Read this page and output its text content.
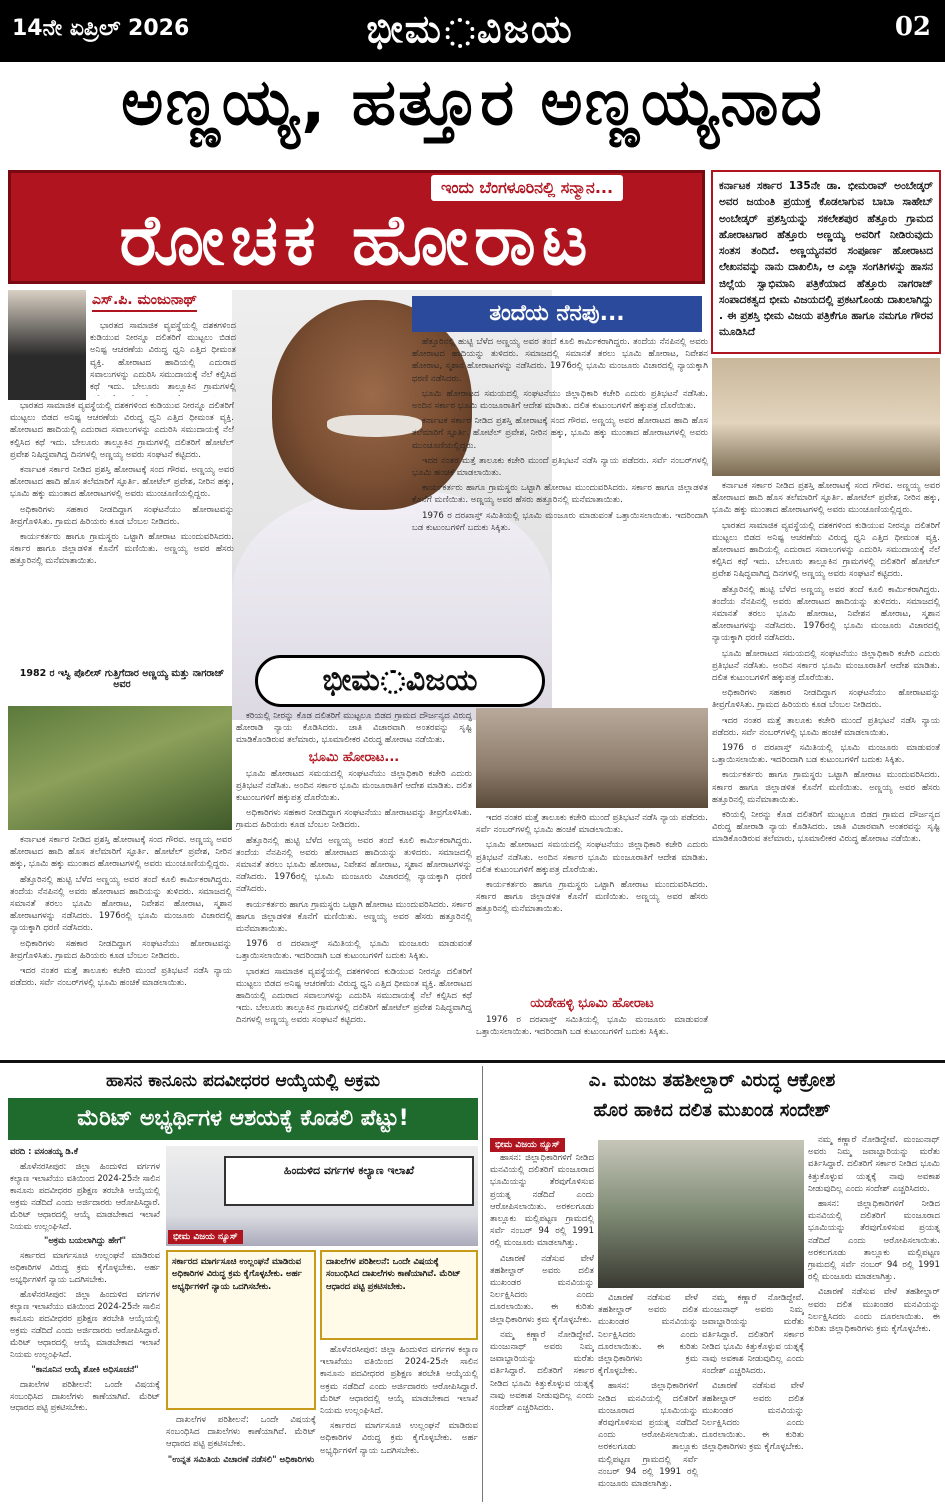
14ನೇ ಏಪ್ರಿಲ್ 2026	ಭೀಮ ವಿಜಯ	02
ಅಣ್ಣಯ್ಯ, ಹತ್ತೂರ ಅಣ್ಣಯ್ಯನಾದ
ಇಂದು ಬೆಂಗಳೂರಿನಲ್ಲಿ ಸನ್ಮಾನ...
ರೋಚಕ ಹೋರಾಟ
ಕರ್ನಾಟಕ ಸರ್ಕಾರ 135ನೇ ಡಾ. ಭೀಮರಾವ್ ಅಂಬೇಡ್ಕರ್ ಅವರ ಜಯಂತಿ ಪ್ರಯುಕ್ತ ಕೊಡಲಾಗುವ ಬಾಬಾ ಸಾಹೇಬ್ ಅಂಬೇಡ್ಕರ್ ಪ್ರಶಸ್ತಿಯನ್ನು ಸಕಲೇಶಪುರ ಹೆತ್ತೂರು ಗ್ರಾಮದ ಹೋರಾಟಗಾರ ಹೆತ್ತೂರು ಅಣ್ಣಯ್ಯ ಅವರಿಗೆ ನೀಡಿರುವುದು ಸಂತಸ ತಂದಿದೆ. ಅಣ್ಣಯ್ಯನವರ ಸಂಪೂರ್ಣ ಹೋರಾಟದ ಲೇಖನವನ್ನು ನಾನು ದಾಖಲಿಸಿ, ಆ ಎಲ್ಲಾ ಸಂಗತಿಗಳನ್ನು ಹಾಸನ ಜಿಲ್ಲೆಯ ಸ್ವಾಭಿಮಾನಿ ಪತ್ರಿಕೆಯಾದ ಹೆತ್ತೂರು ನಾಗರಾಜ್ ಸಂಪಾದಕತ್ವದ ಭೀಮ ವಿಜಯದಲ್ಲಿ ಪ್ರಕಟಗೊಂಡು ದಾಖಲಾಗಿದ್ದು . ಈ ಪ್ರಶಸ್ತಿ ಭೀಮ ವಿಜಯ ಪತ್ರಿಕೆಗೂ ಹಾಗೂ ನಮಗೂ ಗೌರವ ಮೂಡಿಸಿದೆ
ಎಸ್.ಪಿ. ಮಂಜುನಾಥ್
ತಂದೆಯ ನೆನಪು...

ಭಾರತದ ಸಾಮಾಜಿಕ ವ್ಯವಸ್ಥೆಯಲ್ಲಿ ದಶಕಗಳಿಂದ ಕುಡಿಯುವ ನೀರನ್ನೂ ದಲಿತರಿಗೆ ಮುಟ್ಟಲು ಬಿಡದ ಅನಿಷ್ಟ ಆಚರಣೆಯ ವಿರುದ್ಧ ಧ್ವನಿ ಎತ್ತಿದ ಧೀಮಂತ ವ್ಯಕ್ತಿ. ಹೋರಾಟದ ಹಾದಿಯಲ್ಲಿ ಎದುರಾದ ಸವಾಲುಗಳನ್ನು ಎದುರಿಸಿ ಸಮುದಾಯಕ್ಕೆ ನೆಲೆ ಕಲ್ಪಿಸಿದ ಕಥೆ ಇದು. ಬೇಲೂರು ತಾಲ್ಲೂಕಿನ ಗ್ರಾಮಗಳಲ್ಲಿ

ಭಾರತದ ಸಾಮಾಜಿಕ ವ್ಯವಸ್ಥೆಯಲ್ಲಿ ದಶಕಗಳಿಂದ ಕುಡಿಯುವ ನೀರನ್ನೂ ದಲಿತರಿಗೆ ಮುಟ್ಟಲು ಬಿಡದ ಅನಿಷ್ಟ ಆಚರಣೆಯ ವಿರುದ್ಧ ಧ್ವನಿ ಎತ್ತಿದ ಧೀಮಂತ ವ್ಯಕ್ತಿ. ಹೋರಾಟದ ಹಾದಿಯಲ್ಲಿ ಎದುರಾದ ಸವಾಲುಗಳನ್ನು ಎದುರಿಸಿ ಸಮುದಾಯಕ್ಕೆ ನೆಲೆ ಕಲ್ಪಿಸಿದ ಕಥೆ ಇದು. ಬೇಲೂರು ತಾಲ್ಲೂಕಿನ ಗ್ರಾಮಗಳಲ್ಲಿ ದಲಿತರಿಗೆ ಹೋಟೆಲ್ ಪ್ರವೇಶ ನಿಷಿದ್ಧವಾಗಿದ್ದ ದಿನಗಳಲ್ಲಿ ಅಣ್ಣಯ್ಯ ಅವರು ಸಂಘಟನೆ ಕಟ್ಟಿದರು.

ಕರ್ನಾಟಕ ಸರ್ಕಾರ ನೀಡಿದ ಪ್ರಶಸ್ತಿ ಹೋರಾಟಕ್ಕೆ ಸಂದ ಗೌರವ. ಅಣ್ಣಯ್ಯ ಅವರ ಹೋರಾಟದ ಹಾದಿ ಹೊಸ ತಲೆಮಾರಿಗೆ ಸ್ಫೂರ್ತಿ. ಹೋಟೆಲ್ ಪ್ರವೇಶ, ನೀರಿನ ಹಕ್ಕು, ಭೂಮಿ ಹಕ್ಕು ಮುಂತಾದ ಹೋರಾಟಗಳಲ್ಲಿ ಅವರು ಮುಂಚೂಣಿಯಲ್ಲಿದ್ದರು.

ಅಧಿಕಾರಿಗಳು ಸಹಕಾರ ನೀಡದಿದ್ದಾಗ ಸಂಘಟನೆಯು ಹೋರಾಟವನ್ನು ತೀವ್ರಗೊಳಿಸಿತು. ಗ್ರಾಮದ ಹಿರಿಯರು ಕೂಡ ಬೆಂಬಲ ನೀಡಿದರು.

ಕಾರ್ಯಕರ್ತರು ಹಾಗೂ ಗ್ರಾಮಸ್ಥರು ಒಟ್ಟಾಗಿ ಹೋರಾಟ ಮುಂದುವರಿಸಿದರು. ಸರ್ಕಾರ ಹಾಗೂ ಜಿಲ್ಲಾಡಳಿತ ಕೊನೆಗೆ ಮಣಿಯಿತು. ಅಣ್ಣಯ್ಯ ಅವರ ಹೆಸರು ಹತ್ತೂರಿನಲ್ಲಿ ಮನೆಮಾತಾಯಿತು.

1982 ರ ಇಸ್ವಿ ಪೊಲೀಸ್ ಗುತ್ತಿಗೆದಾರ ಅಣ್ಣಯ್ಯ ಮತ್ತು ನಾಗರಾಜ್ ಅವರ

ಹೆತ್ತೂರಿನಲ್ಲಿ ಹುಟ್ಟಿ ಬೆಳೆದ ಅಣ್ಣಯ್ಯ ಅವರ ತಂದೆ ಕೂಲಿ ಕಾರ್ಮಿಕರಾಗಿದ್ದರು. ತಂದೆಯ ನೆನಪಿನಲ್ಲಿ ಅವರು ಹೋರಾಟದ ಹಾದಿಯನ್ನು ತುಳಿದರು. ಸಮಾಜದಲ್ಲಿ ಸಮಾನತೆ ತರಲು ಭೂಮಿ ಹೋರಾಟ, ನಿವೇಶನ ಹೋರಾಟ, ಸ್ಮಶಾನ ಹೋರಾಟಗಳನ್ನು ನಡೆಸಿದರು. 1976ರಲ್ಲಿ ಭೂಮಿ ಮಂಜೂರು ವಿಚಾರದಲ್ಲಿ ನ್ಯಾಯಕ್ಕಾಗಿ ಧರಣಿ ನಡೆಸಿದರು.

ಭೂಮಿ ಹೋರಾಟದ ಸಮಯದಲ್ಲಿ ಸಂಘಟನೆಯು ಜಿಲ್ಲಾಧಿಕಾರಿ ಕಚೇರಿ ಎದುರು ಪ್ರತಿಭಟನೆ ನಡೆಸಿತು. ಅಂದಿನ ಸರ್ಕಾರ ಭೂಮಿ ಮಂಜೂರಾತಿಗೆ ಆದೇಶ ಮಾಡಿತು. ದಲಿತ ಕುಟುಂಬಗಳಿಗೆ ಹಕ್ಕುಪತ್ರ ದೊರೆಯಿತು.

ಕರ್ನಾಟಕ ಸರ್ಕಾರ ನೀಡಿದ ಪ್ರಶಸ್ತಿ ಹೋರಾಟಕ್ಕೆ ಸಂದ ಗೌರವ. ಅಣ್ಣಯ್ಯ ಅವರ ಹೋರಾಟದ ಹಾದಿ ಹೊಸ ತಲೆಮಾರಿಗೆ ಸ್ಫೂರ್ತಿ. ಹೋಟೆಲ್ ಪ್ರವೇಶ, ನೀರಿನ ಹಕ್ಕು, ಭೂಮಿ ಹಕ್ಕು ಮುಂತಾದ ಹೋರಾಟಗಳಲ್ಲಿ ಅವರು ಮುಂಚೂಣಿಯಲ್ಲಿದ್ದರು.

ಇದರ ನಂತರ ಮತ್ತೆ ತಾಲೂಕು ಕಚೇರಿ ಮುಂದೆ ಪ್ರತಿಭಟನೆ ನಡೆಸಿ ನ್ಯಾಯ ಪಡೆದರು. ಸರ್ವೆ ನಂಬರ್‌ಗಳಲ್ಲಿ ಭೂಮಿ ಹಂಚಿಕೆ ಮಾಡಲಾಯಿತು.

ಕಾರ್ಯಕರ್ತರು ಹಾಗೂ ಗ್ರಾಮಸ್ಥರು ಒಟ್ಟಾಗಿ ಹೋರಾಟ ಮುಂದುವರಿಸಿದರು. ಸರ್ಕಾರ ಹಾಗೂ ಜಿಲ್ಲಾಡಳಿತ ಕೊನೆಗೆ ಮಣಿಯಿತು. ಅಣ್ಣಯ್ಯ ಅವರ ಹೆಸರು ಹತ್ತೂರಿನಲ್ಲಿ ಮನೆಮಾತಾಯಿತು.

1976 ರ ದರಖಾಸ್ತ್ ಸಮಿತಿಯಲ್ಲಿ ಭೂಮಿ ಮಂಜೂರು ಮಾಡುವಂತೆ ಒತ್ತಾಯಿಸಲಾಯಿತು. ಇದರಿಂದಾಗಿ ಬಡ ಕುಟುಂಬಗಳಿಗೆ ಬದುಕು ಸಿಕ್ಕಿತು.

ಭೀಮ ವಿಜಯ

ಕರ್ನಾಟಕ ಸರ್ಕಾರ ನೀಡಿದ ಪ್ರಶಸ್ತಿ ಹೋರಾಟಕ್ಕೆ ಸಂದ ಗೌರವ. ಅಣ್ಣಯ್ಯ ಅವರ ಹೋರಾಟದ ಹಾದಿ ಹೊಸ ತಲೆಮಾರಿಗೆ ಸ್ಫೂರ್ತಿ. ಹೋಟೆಲ್ ಪ್ರವೇಶ, ನೀರಿನ ಹಕ್ಕು, ಭೂಮಿ ಹಕ್ಕು ಮುಂತಾದ ಹೋರಾಟಗಳಲ್ಲಿ ಅವರು ಮುಂಚೂಣಿಯಲ್ಲಿದ್ದರು.

ಭಾರತದ ಸಾಮಾಜಿಕ ವ್ಯವಸ್ಥೆಯಲ್ಲಿ ದಶಕಗಳಿಂದ ಕುಡಿಯುವ ನೀರನ್ನೂ ದಲಿತರಿಗೆ ಮುಟ್ಟಲು ಬಿಡದ ಅನಿಷ್ಟ ಆಚರಣೆಯ ವಿರುದ್ಧ ಧ್ವನಿ ಎತ್ತಿದ ಧೀಮಂತ ವ್ಯಕ್ತಿ. ಹೋರಾಟದ ಹಾದಿಯಲ್ಲಿ ಎದುರಾದ ಸವಾಲುಗಳನ್ನು ಎದುರಿಸಿ ಸಮುದಾಯಕ್ಕೆ ನೆಲೆ ಕಲ್ಪಿಸಿದ ಕಥೆ ಇದು. ಬೇಲೂರು ತಾಲ್ಲೂಕಿನ ಗ್ರಾಮಗಳಲ್ಲಿ ದಲಿತರಿಗೆ ಹೋಟೆಲ್ ಪ್ರವೇಶ ನಿಷಿದ್ಧವಾಗಿದ್ದ ದಿನಗಳಲ್ಲಿ ಅಣ್ಣಯ್ಯ ಅವರು ಸಂಘಟನೆ ಕಟ್ಟಿದರು.

ಹೆತ್ತೂರಿನಲ್ಲಿ ಹುಟ್ಟಿ ಬೆಳೆದ ಅಣ್ಣಯ್ಯ ಅವರ ತಂದೆ ಕೂಲಿ ಕಾರ್ಮಿಕರಾಗಿದ್ದರು. ತಂದೆಯ ನೆನಪಿನಲ್ಲಿ ಅವರು ಹೋರಾಟದ ಹಾದಿಯನ್ನು ತುಳಿದರು. ಸಮಾಜದಲ್ಲಿ ಸಮಾನತೆ ತರಲು ಭೂಮಿ ಹೋರಾಟ, ನಿವೇಶನ ಹೋರಾಟ, ಸ್ಮಶಾನ ಹೋರಾಟಗಳನ್ನು ನಡೆಸಿದರು. 1976ರಲ್ಲಿ ಭೂಮಿ ಮಂಜೂರು ವಿಚಾರದಲ್ಲಿ ನ್ಯಾಯಕ್ಕಾಗಿ ಧರಣಿ ನಡೆಸಿದರು.

ಭೂಮಿ ಹೋರಾಟದ ಸಮಯದಲ್ಲಿ ಸಂಘಟನೆಯು ಜಿಲ್ಲಾಧಿಕಾರಿ ಕಚೇರಿ ಎದುರು ಪ್ರತಿಭಟನೆ ನಡೆಸಿತು. ಅಂದಿನ ಸರ್ಕಾರ ಭೂಮಿ ಮಂಜೂರಾತಿಗೆ ಆದೇಶ ಮಾಡಿತು. ದಲಿತ ಕುಟುಂಬಗಳಿಗೆ ಹಕ್ಕುಪತ್ರ ದೊರೆಯಿತು.

ಅಧಿಕಾರಿಗಳು ಸಹಕಾರ ನೀಡದಿದ್ದಾಗ ಸಂಘಟನೆಯು ಹೋರಾಟವನ್ನು ತೀವ್ರಗೊಳಿಸಿತು. ಗ್ರಾಮದ ಹಿರಿಯರು ಕೂಡ ಬೆಂಬಲ ನೀಡಿದರು.

ಇದರ ನಂತರ ಮತ್ತೆ ತಾಲೂಕು ಕಚೇರಿ ಮುಂದೆ ಪ್ರತಿಭಟನೆ ನಡೆಸಿ ನ್ಯಾಯ ಪಡೆದರು. ಸರ್ವೆ ನಂಬರ್‌ಗಳಲ್ಲಿ ಭೂಮಿ ಹಂಚಿಕೆ ಮಾಡಲಾಯಿತು.

1976 ರ ದರಖಾಸ್ತ್ ಸಮಿತಿಯಲ್ಲಿ ಭೂಮಿ ಮಂಜೂರು ಮಾಡುವಂತೆ ಒತ್ತಾಯಿಸಲಾಯಿತು. ಇದರಿಂದಾಗಿ ಬಡ ಕುಟುಂಬಗಳಿಗೆ ಬದುಕು ಸಿಕ್ಕಿತು.

ಕಾರ್ಯಕರ್ತರು ಹಾಗೂ ಗ್ರಾಮಸ್ಥರು ಒಟ್ಟಾಗಿ ಹೋರಾಟ ಮುಂದುವರಿಸಿದರು. ಸರ್ಕಾರ ಹಾಗೂ ಜಿಲ್ಲಾಡಳಿತ ಕೊನೆಗೆ ಮಣಿಯಿತು. ಅಣ್ಣಯ್ಯ ಅವರ ಹೆಸರು ಹತ್ತೂರಿನಲ್ಲಿ ಮನೆಮಾತಾಯಿತು.

ಕರಿಯಲ್ಲಿ ನೀರನ್ನು ಕೊಡ ದಲಿತರಿಗೆ ಮುಟ್ಟಲೂ ಬಿಡದ ಗ್ರಾಮದ ದೌರ್ಜನ್ಯದ ವಿರುದ್ಧ ಹೋರಾಡಿ ನ್ಯಾಯ ಕೊಡಿಸಿದರು. ಜಾತಿ ವಿಚಾರವಾಗಿ ಅಂತರವನ್ನು ಸೃಷ್ಟಿ ಮಾಡಿಕೊಂಡಿರುವ ತಲೆಮಾರು, ಭೂಮಾಲೀಕರ ವಿರುದ್ಧ ಹೋರಾಟ ನಡೆಯಿತು.

ಕರಿಯಲ್ಲಿ ನೀರನ್ನು ಕೊಡ ದಲಿತರಿಗೆ ಮುಟ್ಟಲೂ ಬಿಡದ ಗ್ರಾಮದ ದೌರ್ಜನ್ಯದ ವಿರುದ್ಧ ಹೋರಾಡಿ ನ್ಯಾಯ ಕೊಡಿಸಿದರು. ಜಾತಿ ವಿಚಾರವಾಗಿ ಅಂತರವನ್ನು ಸೃಷ್ಟಿ ಮಾಡಿಕೊಂಡಿರುವ ತಲೆಮಾರು, ಭೂಮಾಲೀಕರ ವಿರುದ್ಧ ಹೋರಾಟ ನಡೆಯಿತು.

ಭೂಮಿ ಹೋರಾಟ...

ಭೂಮಿ ಹೋರಾಟದ ಸಮಯದಲ್ಲಿ ಸಂಘಟನೆಯು ಜಿಲ್ಲಾಧಿಕಾರಿ ಕಚೇರಿ ಎದುರು ಪ್ರತಿಭಟನೆ ನಡೆಸಿತು. ಅಂದಿನ ಸರ್ಕಾರ ಭೂಮಿ ಮಂಜೂರಾತಿಗೆ ಆದೇಶ ಮಾಡಿತು. ದಲಿತ ಕುಟುಂಬಗಳಿಗೆ ಹಕ್ಕುಪತ್ರ ದೊರೆಯಿತು.

ಅಧಿಕಾರಿಗಳು ಸಹಕಾರ ನೀಡದಿದ್ದಾಗ ಸಂಘಟನೆಯು ಹೋರಾಟವನ್ನು ತೀವ್ರಗೊಳಿಸಿತು. ಗ್ರಾಮದ ಹಿರಿಯರು ಕೂಡ ಬೆಂಬಲ ನೀಡಿದರು.

ಹೆತ್ತೂರಿನಲ್ಲಿ ಹುಟ್ಟಿ ಬೆಳೆದ ಅಣ್ಣಯ್ಯ ಅವರ ತಂದೆ ಕೂಲಿ ಕಾರ್ಮಿಕರಾಗಿದ್ದರು. ತಂದೆಯ ನೆನಪಿನಲ್ಲಿ ಅವರು ಹೋರಾಟದ ಹಾದಿಯನ್ನು ತುಳಿದರು. ಸಮಾಜದಲ್ಲಿ ಸಮಾನತೆ ತರಲು ಭೂಮಿ ಹೋರಾಟ, ನಿವೇಶನ ಹೋರಾಟ, ಸ್ಮಶಾನ ಹೋರಾಟಗಳನ್ನು ನಡೆಸಿದರು. 1976ರಲ್ಲಿ ಭೂಮಿ ಮಂಜೂರು ವಿಚಾರದಲ್ಲಿ ನ್ಯಾಯಕ್ಕಾಗಿ ಧರಣಿ ನಡೆಸಿದರು.

ಕಾರ್ಯಕರ್ತರು ಹಾಗೂ ಗ್ರಾಮಸ್ಥರು ಒಟ್ಟಾಗಿ ಹೋರಾಟ ಮುಂದುವರಿಸಿದರು. ಸರ್ಕಾರ ಹಾಗೂ ಜಿಲ್ಲಾಡಳಿತ ಕೊನೆಗೆ ಮಣಿಯಿತು. ಅಣ್ಣಯ್ಯ ಅವರ ಹೆಸರು ಹತ್ತೂರಿನಲ್ಲಿ ಮನೆಮಾತಾಯಿತು.

1976 ರ ದರಖಾಸ್ತ್ ಸಮಿತಿಯಲ್ಲಿ ಭೂಮಿ ಮಂಜೂರು ಮಾಡುವಂತೆ ಒತ್ತಾಯಿಸಲಾಯಿತು. ಇದರಿಂದಾಗಿ ಬಡ ಕುಟುಂಬಗಳಿಗೆ ಬದುಕು ಸಿಕ್ಕಿತು.

ಭಾರತದ ಸಾಮಾಜಿಕ ವ್ಯವಸ್ಥೆಯಲ್ಲಿ ದಶಕಗಳಿಂದ ಕುಡಿಯುವ ನೀರನ್ನೂ ದಲಿತರಿಗೆ ಮುಟ್ಟಲು ಬಿಡದ ಅನಿಷ್ಟ ಆಚರಣೆಯ ವಿರುದ್ಧ ಧ್ವನಿ ಎತ್ತಿದ ಧೀಮಂತ ವ್ಯಕ್ತಿ. ಹೋರಾಟದ ಹಾದಿಯಲ್ಲಿ ಎದುರಾದ ಸವಾಲುಗಳನ್ನು ಎದುರಿಸಿ ಸಮುದಾಯಕ್ಕೆ ನೆಲೆ ಕಲ್ಪಿಸಿದ ಕಥೆ ಇದು. ಬೇಲೂರು ತಾಲ್ಲೂಕಿನ ಗ್ರಾಮಗಳಲ್ಲಿ ದಲಿತರಿಗೆ ಹೋಟೆಲ್ ಪ್ರವೇಶ ನಿಷಿದ್ಧವಾಗಿದ್ದ ದಿನಗಳಲ್ಲಿ ಅಣ್ಣಯ್ಯ ಅವರು ಸಂಘಟನೆ ಕಟ್ಟಿದರು.

ಕರ್ನಾಟಕ ಸರ್ಕಾರ ನೀಡಿದ ಪ್ರಶಸ್ತಿ ಹೋರಾಟಕ್ಕೆ ಸಂದ ಗೌರವ. ಅಣ್ಣಯ್ಯ ಅವರ ಹೋರಾಟದ ಹಾದಿ ಹೊಸ ತಲೆಮಾರಿಗೆ ಸ್ಫೂರ್ತಿ. ಹೋಟೆಲ್ ಪ್ರವೇಶ, ನೀರಿನ ಹಕ್ಕು, ಭೂಮಿ ಹಕ್ಕು ಮುಂತಾದ ಹೋರಾಟಗಳಲ್ಲಿ ಅವರು ಮುಂಚೂಣಿಯಲ್ಲಿದ್ದರು.

ಹೆತ್ತೂರಿನಲ್ಲಿ ಹುಟ್ಟಿ ಬೆಳೆದ ಅಣ್ಣಯ್ಯ ಅವರ ತಂದೆ ಕೂಲಿ ಕಾರ್ಮಿಕರಾಗಿದ್ದರು. ತಂದೆಯ ನೆನಪಿನಲ್ಲಿ ಅವರು ಹೋರಾಟದ ಹಾದಿಯನ್ನು ತುಳಿದರು. ಸಮಾಜದಲ್ಲಿ ಸಮಾನತೆ ತರಲು ಭೂಮಿ ಹೋರಾಟ, ನಿವೇಶನ ಹೋರಾಟ, ಸ್ಮಶಾನ ಹೋರಾಟಗಳನ್ನು ನಡೆಸಿದರು. 1976ರಲ್ಲಿ ಭೂಮಿ ಮಂಜೂರು ವಿಚಾರದಲ್ಲಿ ನ್ಯಾಯಕ್ಕಾಗಿ ಧರಣಿ ನಡೆಸಿದರು.

ಅಧಿಕಾರಿಗಳು ಸಹಕಾರ ನೀಡದಿದ್ದಾಗ ಸಂಘಟನೆಯು ಹೋರಾಟವನ್ನು ತೀವ್ರಗೊಳಿಸಿತು. ಗ್ರಾಮದ ಹಿರಿಯರು ಕೂಡ ಬೆಂಬಲ ನೀಡಿದರು.

ಇದರ ನಂತರ ಮತ್ತೆ ತಾಲೂಕು ಕಚೇರಿ ಮುಂದೆ ಪ್ರತಿಭಟನೆ ನಡೆಸಿ ನ್ಯಾಯ ಪಡೆದರು. ಸರ್ವೆ ನಂಬರ್‌ಗಳಲ್ಲಿ ಭೂಮಿ ಹಂಚಿಕೆ ಮಾಡಲಾಯಿತು.

ಇದರ ನಂತರ ಮತ್ತೆ ತಾಲೂಕು ಕಚೇರಿ ಮುಂದೆ ಪ್ರತಿಭಟನೆ ನಡೆಸಿ ನ್ಯಾಯ ಪಡೆದರು. ಸರ್ವೆ ನಂಬರ್‌ಗಳಲ್ಲಿ ಭೂಮಿ ಹಂಚಿಕೆ ಮಾಡಲಾಯಿತು.

ಭೂಮಿ ಹೋರಾಟದ ಸಮಯದಲ್ಲಿ ಸಂಘಟನೆಯು ಜಿಲ್ಲಾಧಿಕಾರಿ ಕಚೇರಿ ಎದುರು ಪ್ರತಿಭಟನೆ ನಡೆಸಿತು. ಅಂದಿನ ಸರ್ಕಾರ ಭೂಮಿ ಮಂಜೂರಾತಿಗೆ ಆದೇಶ ಮಾಡಿತು. ದಲಿತ ಕುಟುಂಬಗಳಿಗೆ ಹಕ್ಕುಪತ್ರ ದೊರೆಯಿತು.

ಕಾರ್ಯಕರ್ತರು ಹಾಗೂ ಗ್ರಾಮಸ್ಥರು ಒಟ್ಟಾಗಿ ಹೋರಾಟ ಮುಂದುವರಿಸಿದರು. ಸರ್ಕಾರ ಹಾಗೂ ಜಿಲ್ಲಾಡಳಿತ ಕೊನೆಗೆ ಮಣಿಯಿತು. ಅಣ್ಣಯ್ಯ ಅವರ ಹೆಸರು ಹತ್ತೂರಿನಲ್ಲಿ ಮನೆಮಾತಾಯಿತು.

ಯಡೇಹಳ್ಳಿ ಭೂಮಿ ಹೋರಾಟ

1976 ರ ದರಖಾಸ್ತ್ ಸಮಿತಿಯಲ್ಲಿ ಭೂಮಿ ಮಂಜೂರು ಮಾಡುವಂತೆ ಒತ್ತಾಯಿಸಲಾಯಿತು. ಇದರಿಂದಾಗಿ ಬಡ ಕುಟುಂಬಗಳಿಗೆ ಬದುಕು ಸಿಕ್ಕಿತು.

ಹಾಸನ ಕಾನೂನು ಪದವೀಧರರ ಆಯ್ಕೆಯಲ್ಲಿ ಅಕ್ರಮ
ಮೆರಿಟ್ ಅಭ್ಯರ್ಥಿಗಳ ಆಶಯಕ್ಕೆ ಕೊಡಲಿ ಪೆಟ್ಟು!

ವರದಿ : ವಸಂತಯ್ಯ ಡಿ.ಕೆ

ಹೊಳೆನರಸೀಪುರ: ಜಿಲ್ಲಾ ಹಿಂದುಳಿದ ವರ್ಗಗಳ ಕಲ್ಯಾಣ ಇಲಾಖೆಯು ವತಿಯಿಂದ 2024-25ನೇ ಸಾಲಿನ ಕಾನೂನು ಪದವೀಧರರ ಪ್ರಶಿಕ್ಷಣ ತರಬೇತಿ ಆಯ್ಕೆಯಲ್ಲಿ ಅಕ್ರಮ ನಡೆದಿದೆ ಎಂದು ಅರ್ಜಿದಾರರು ಆರೋಪಿಸಿದ್ದಾರೆ. ಮೆರಿಟ್ ಆಧಾರದಲ್ಲಿ ಆಯ್ಕೆ ಮಾಡಬೇಕಾದ ಇಲಾಖೆ ನಿಯಮ ಉಲ್ಲಂಘಿಸಿದೆ.

"ಅಕ್ರಮ ಬಯಲಾಗಿದ್ದು ಹೇಗೆ"

ಸರ್ಕಾರದ ಮಾರ್ಗಸೂಚಿ ಉಲ್ಲಂಘನೆ ಮಾಡಿರುವ ಅಧಿಕಾರಿಗಳ ವಿರುದ್ಧ ಕ್ರಮ ಕೈಗೊಳ್ಳಬೇಕು. ಅರ್ಹ ಅಭ್ಯರ್ಥಿಗಳಿಗೆ ನ್ಯಾಯ ಒದಗಿಸಬೇಕು.

ಹೊಳೆನರಸೀಪುರ: ಜಿಲ್ಲಾ ಹಿಂದುಳಿದ ವರ್ಗಗಳ ಕಲ್ಯಾಣ ಇಲಾಖೆಯು ವತಿಯಿಂದ 2024-25ನೇ ಸಾಲಿನ ಕಾನೂನು ಪದವೀಧರರ ಪ್ರಶಿಕ್ಷಣ ತರಬೇತಿ ಆಯ್ಕೆಯಲ್ಲಿ ಅಕ್ರಮ ನಡೆದಿದೆ ಎಂದು ಅರ್ಜಿದಾರರು ಆರೋಪಿಸಿದ್ದಾರೆ. ಮೆರಿಟ್ ಆಧಾರದಲ್ಲಿ ಆಯ್ಕೆ ಮಾಡಬೇಕಾದ ಇಲಾಖೆ ನಿಯಮ ಉಲ್ಲಂಘಿಸಿದೆ.

"ಕಾನೂನಿನ ಆಯ್ಕೆ ಶೋಕಿ ಅಧಿಸೂಚನೆ"

ದಾಖಲೆಗಳ ಪರಿಶೀಲನೆ: ಒಂದೇ ವಿಷಯಕ್ಕೆ ಸಂಬಂಧಿಸಿದ ದಾಖಲೆಗಳು ಕಾಣೆಯಾಗಿವೆ. ಮೆರಿಟ್ ಆಧಾರದ ಪಟ್ಟಿ ಪ್ರಕಟಿಸಬೇಕು.

ಹಿಂದುಳಿದ ವರ್ಗಗಳ ಕಲ್ಯಾಣ ಇಲಾಖೆ
ಭೀಮ ವಿಜಯ ನ್ಯೂಸ್
ಸರ್ಕಾರದ ಮಾರ್ಗಸೂಚಿ ಉಲ್ಲಂಘನೆ ಮಾಡಿರುವ ಅಧಿಕಾರಿಗಳ ವಿರುದ್ಧ ಕ್ರಮ ಕೈಗೊಳ್ಳಬೇಕು. ಅರ್ಹ ಅಭ್ಯರ್ಥಿಗಳಿಗೆ ನ್ಯಾಯ ಒದಗಿಸಬೇಕು.
ದಾಖಲೆಗಳ ಪರಿಶೀಲನೆ: ಒಂದೇ ವಿಷಯಕ್ಕೆ ಸಂಬಂಧಿಸಿದ ದಾಖಲೆಗಳು ಕಾಣೆಯಾಗಿವೆ. ಮೆರಿಟ್ ಆಧಾರದ ಪಟ್ಟಿ ಪ್ರಕಟಿಸಬೇಕು.

ಹೊಳೆನರಸೀಪುರ: ಜಿಲ್ಲಾ ಹಿಂದುಳಿದ ವರ್ಗಗಳ ಕಲ್ಯಾಣ ಇಲಾಖೆಯು ವತಿಯಿಂದ 2024-25ನೇ ಸಾಲಿನ ಕಾನೂನು ಪದವೀಧರರ ಪ್ರಶಿಕ್ಷಣ ತರಬೇತಿ ಆಯ್ಕೆಯಲ್ಲಿ ಅಕ್ರಮ ನಡೆದಿದೆ ಎಂದು ಅರ್ಜಿದಾರರು ಆರೋಪಿಸಿದ್ದಾರೆ. ಮೆರಿಟ್ ಆಧಾರದಲ್ಲಿ ಆಯ್ಕೆ ಮಾಡಬೇಕಾದ ಇಲಾಖೆ ನಿಯಮ ಉಲ್ಲಂಘಿಸಿದೆ.

ಸರ್ಕಾರದ ಮಾರ್ಗಸೂಚಿ ಉಲ್ಲಂಘನೆ ಮಾಡಿರುವ ಅಧಿಕಾರಿಗಳ ವಿರುದ್ಧ ಕ್ರಮ ಕೈಗೊಳ್ಳಬೇಕು. ಅರ್ಹ ಅಭ್ಯರ್ಥಿಗಳಿಗೆ ನ್ಯಾಯ ಒದಗಿಸಬೇಕು.

ದಾಖಲೆಗಳ ಪರಿಶೀಲನೆ: ಒಂದೇ ವಿಷಯಕ್ಕೆ ಸಂಬಂಧಿಸಿದ ದಾಖಲೆಗಳು ಕಾಣೆಯಾಗಿವೆ. ಮೆರಿಟ್ ಆಧಾರದ ಪಟ್ಟಿ ಪ್ರಕಟಿಸಬೇಕು.

"ಉನ್ನತ ಸಮಿತಿಯ ವಿಚಾರಣೆ ನಡೆಸಲಿ" ಅಧಿಕಾರಿಗಳು

ಎ. ಮಂಜು ತಹಶೀಲ್ದಾರ್ ವಿರುದ್ಧ ಆಕ್ರೋಶ
ಹೊರ ಹಾಕಿದ ದಲಿತ ಮುಖಂಡ ಸಂದೇಶ್
ಭೀಮ ವಿಜಯ ನ್ಯೂಸ್

ಹಾಸನ: ಜಿಲ್ಲಾಧಿಕಾರಿಗಳಿಗೆ ನೀಡಿದ ಮನವಿಯಲ್ಲಿ ದಲಿತರಿಗೆ ಮಂಜೂರಾದ ಭೂಮಿಯನ್ನು ತೆರವುಗೊಳಿಸುವ ಪ್ರಯತ್ನ ನಡೆದಿದೆ ಎಂದು ಆರೋಪಿಸಲಾಯಿತು. ಅರಕಲಗೂಡು ತಾಲ್ಲೂಕು ಮಲ್ಲಿಪಟ್ಟಣ ಗ್ರಾಮದಲ್ಲಿ ಸರ್ವೆ ನಂಬರ್ 94 ರಲ್ಲಿ 1991 ರಲ್ಲಿ ಮಂಜೂರು ಮಾಡಲಾಗಿತ್ತು.

ವಿಚಾರಣೆ ನಡೆಸುವ ವೇಳೆ ತಹಶೀಲ್ದಾರ್ ಅವರು ದಲಿತ ಮುಖಂಡರ ಮನವಿಯನ್ನು ನಿರ್ಲಕ್ಷಿಸಿದರು ಎಂದು ದೂರಲಾಯಿತು. ಈ ಕುರಿತು ಜಿಲ್ಲಾಧಿಕಾರಿಗಳು ಕ್ರಮ ಕೈಗೊಳ್ಳಬೇಕು.

ನಮ್ಮ ಕಣ್ಣಾರೆ ನೋಡಿದ್ದೇವೆ. ಮಂಜುನಾಥ್ ಅವರು ನಿಮ್ಮ ಜವಾಬ್ದಾರಿಯನ್ನು ಮರೆತು ವರ್ತಿಸಿದ್ದಾರೆ. ದಲಿತರಿಗೆ ಸರ್ಕಾರ ನೀಡಿದ ಭೂಮಿ ಕಿತ್ತುಕೊಳ್ಳುವ ಯತ್ನಕ್ಕೆ ನಾವು ಅವಕಾಶ ನೀಡುವುದಿಲ್ಲ ಎಂದು ಸಂದೇಶ್ ಎಚ್ಚರಿಸಿದರು.

ವಿಚಾರಣೆ ನಡೆಸುವ ವೇಳೆ ತಹಶೀಲ್ದಾರ್ ಅವರು ದಲಿತ ಮುಖಂಡರ ಮನವಿಯನ್ನು ನಿರ್ಲಕ್ಷಿಸಿದರು ಎಂದು ದೂರಲಾಯಿತು. ಈ ಕುರಿತು ಜಿಲ್ಲಾಧಿಕಾರಿಗಳು ಕ್ರಮ ಕೈಗೊಳ್ಳಬೇಕು.

ಹಾಸನ: ಜಿಲ್ಲಾಧಿಕಾರಿಗಳಿಗೆ ನೀಡಿದ ಮನವಿಯಲ್ಲಿ ದಲಿತರಿಗೆ ಮಂಜೂರಾದ ಭೂಮಿಯನ್ನು ತೆರವುಗೊಳಿಸುವ ಪ್ರಯತ್ನ ನಡೆದಿದೆ ಎಂದು ಆರೋಪಿಸಲಾಯಿತು. ಅರಕಲಗೂಡು ತಾಲ್ಲೂಕು ಮಲ್ಲಿಪಟ್ಟಣ ಗ್ರಾಮದಲ್ಲಿ ಸರ್ವೆ ನಂಬರ್ 94 ರಲ್ಲಿ 1991 ರಲ್ಲಿ ಮಂಜೂರು ಮಾಡಲಾಗಿತ್ತು.

ನಮ್ಮ ಕಣ್ಣಾರೆ ನೋಡಿದ್ದೇವೆ. ಮಂಜುನಾಥ್ ಅವರು ನಿಮ್ಮ ಜವಾಬ್ದಾರಿಯನ್ನು ಮರೆತು ವರ್ತಿಸಿದ್ದಾರೆ. ದಲಿತರಿಗೆ ಸರ್ಕಾರ ನೀಡಿದ ಭೂಮಿ ಕಿತ್ತುಕೊಳ್ಳುವ ಯತ್ನಕ್ಕೆ ನಾವು ಅವಕಾಶ ನೀಡುವುದಿಲ್ಲ ಎಂದು ಸಂದೇಶ್ ಎಚ್ಚರಿಸಿದರು.

ವಿಚಾರಣೆ ನಡೆಸುವ ವೇಳೆ ತಹಶೀಲ್ದಾರ್ ಅವರು ದಲಿತ ಮುಖಂಡರ ಮನವಿಯನ್ನು ನಿರ್ಲಕ್ಷಿಸಿದರು ಎಂದು ದೂರಲಾಯಿತು. ಈ ಕುರಿತು ಜಿಲ್ಲಾಧಿಕಾರಿಗಳು ಕ್ರಮ ಕೈಗೊಳ್ಳಬೇಕು.

ನಮ್ಮ ಕಣ್ಣಾರೆ ನೋಡಿದ್ದೇವೆ. ಮಂಜುನಾಥ್ ಅವರು ನಿಮ್ಮ ಜವಾಬ್ದಾರಿಯನ್ನು ಮರೆತು ವರ್ತಿಸಿದ್ದಾರೆ. ದಲಿತರಿಗೆ ಸರ್ಕಾರ ನೀಡಿದ ಭೂಮಿ ಕಿತ್ತುಕೊಳ್ಳುವ ಯತ್ನಕ್ಕೆ ನಾವು ಅವಕಾಶ ನೀಡುವುದಿಲ್ಲ ಎಂದು ಸಂದೇಶ್ ಎಚ್ಚರಿಸಿದರು.

ಹಾಸನ: ಜಿಲ್ಲಾಧಿಕಾರಿಗಳಿಗೆ ನೀಡಿದ ಮನವಿಯಲ್ಲಿ ದಲಿತರಿಗೆ ಮಂಜೂರಾದ ಭೂಮಿಯನ್ನು ತೆರವುಗೊಳಿಸುವ ಪ್ರಯತ್ನ ನಡೆದಿದೆ ಎಂದು ಆರೋಪಿಸಲಾಯಿತು. ಅರಕಲಗೂಡು ತಾಲ್ಲೂಕು ಮಲ್ಲಿಪಟ್ಟಣ ಗ್ರಾಮದಲ್ಲಿ ಸರ್ವೆ ನಂಬರ್ 94 ರಲ್ಲಿ 1991 ರಲ್ಲಿ ಮಂಜೂರು ಮಾಡಲಾಗಿತ್ತು.

ವಿಚಾರಣೆ ನಡೆಸುವ ವೇಳೆ ತಹಶೀಲ್ದಾರ್ ಅವರು ದಲಿತ ಮುಖಂಡರ ಮನವಿಯನ್ನು ನಿರ್ಲಕ್ಷಿಸಿದರು ಎಂದು ದೂರಲಾಯಿತು. ಈ ಕುರಿತು ಜಿಲ್ಲಾಧಿಕಾರಿಗಳು ಕ್ರಮ ಕೈಗೊಳ್ಳಬೇಕು.
